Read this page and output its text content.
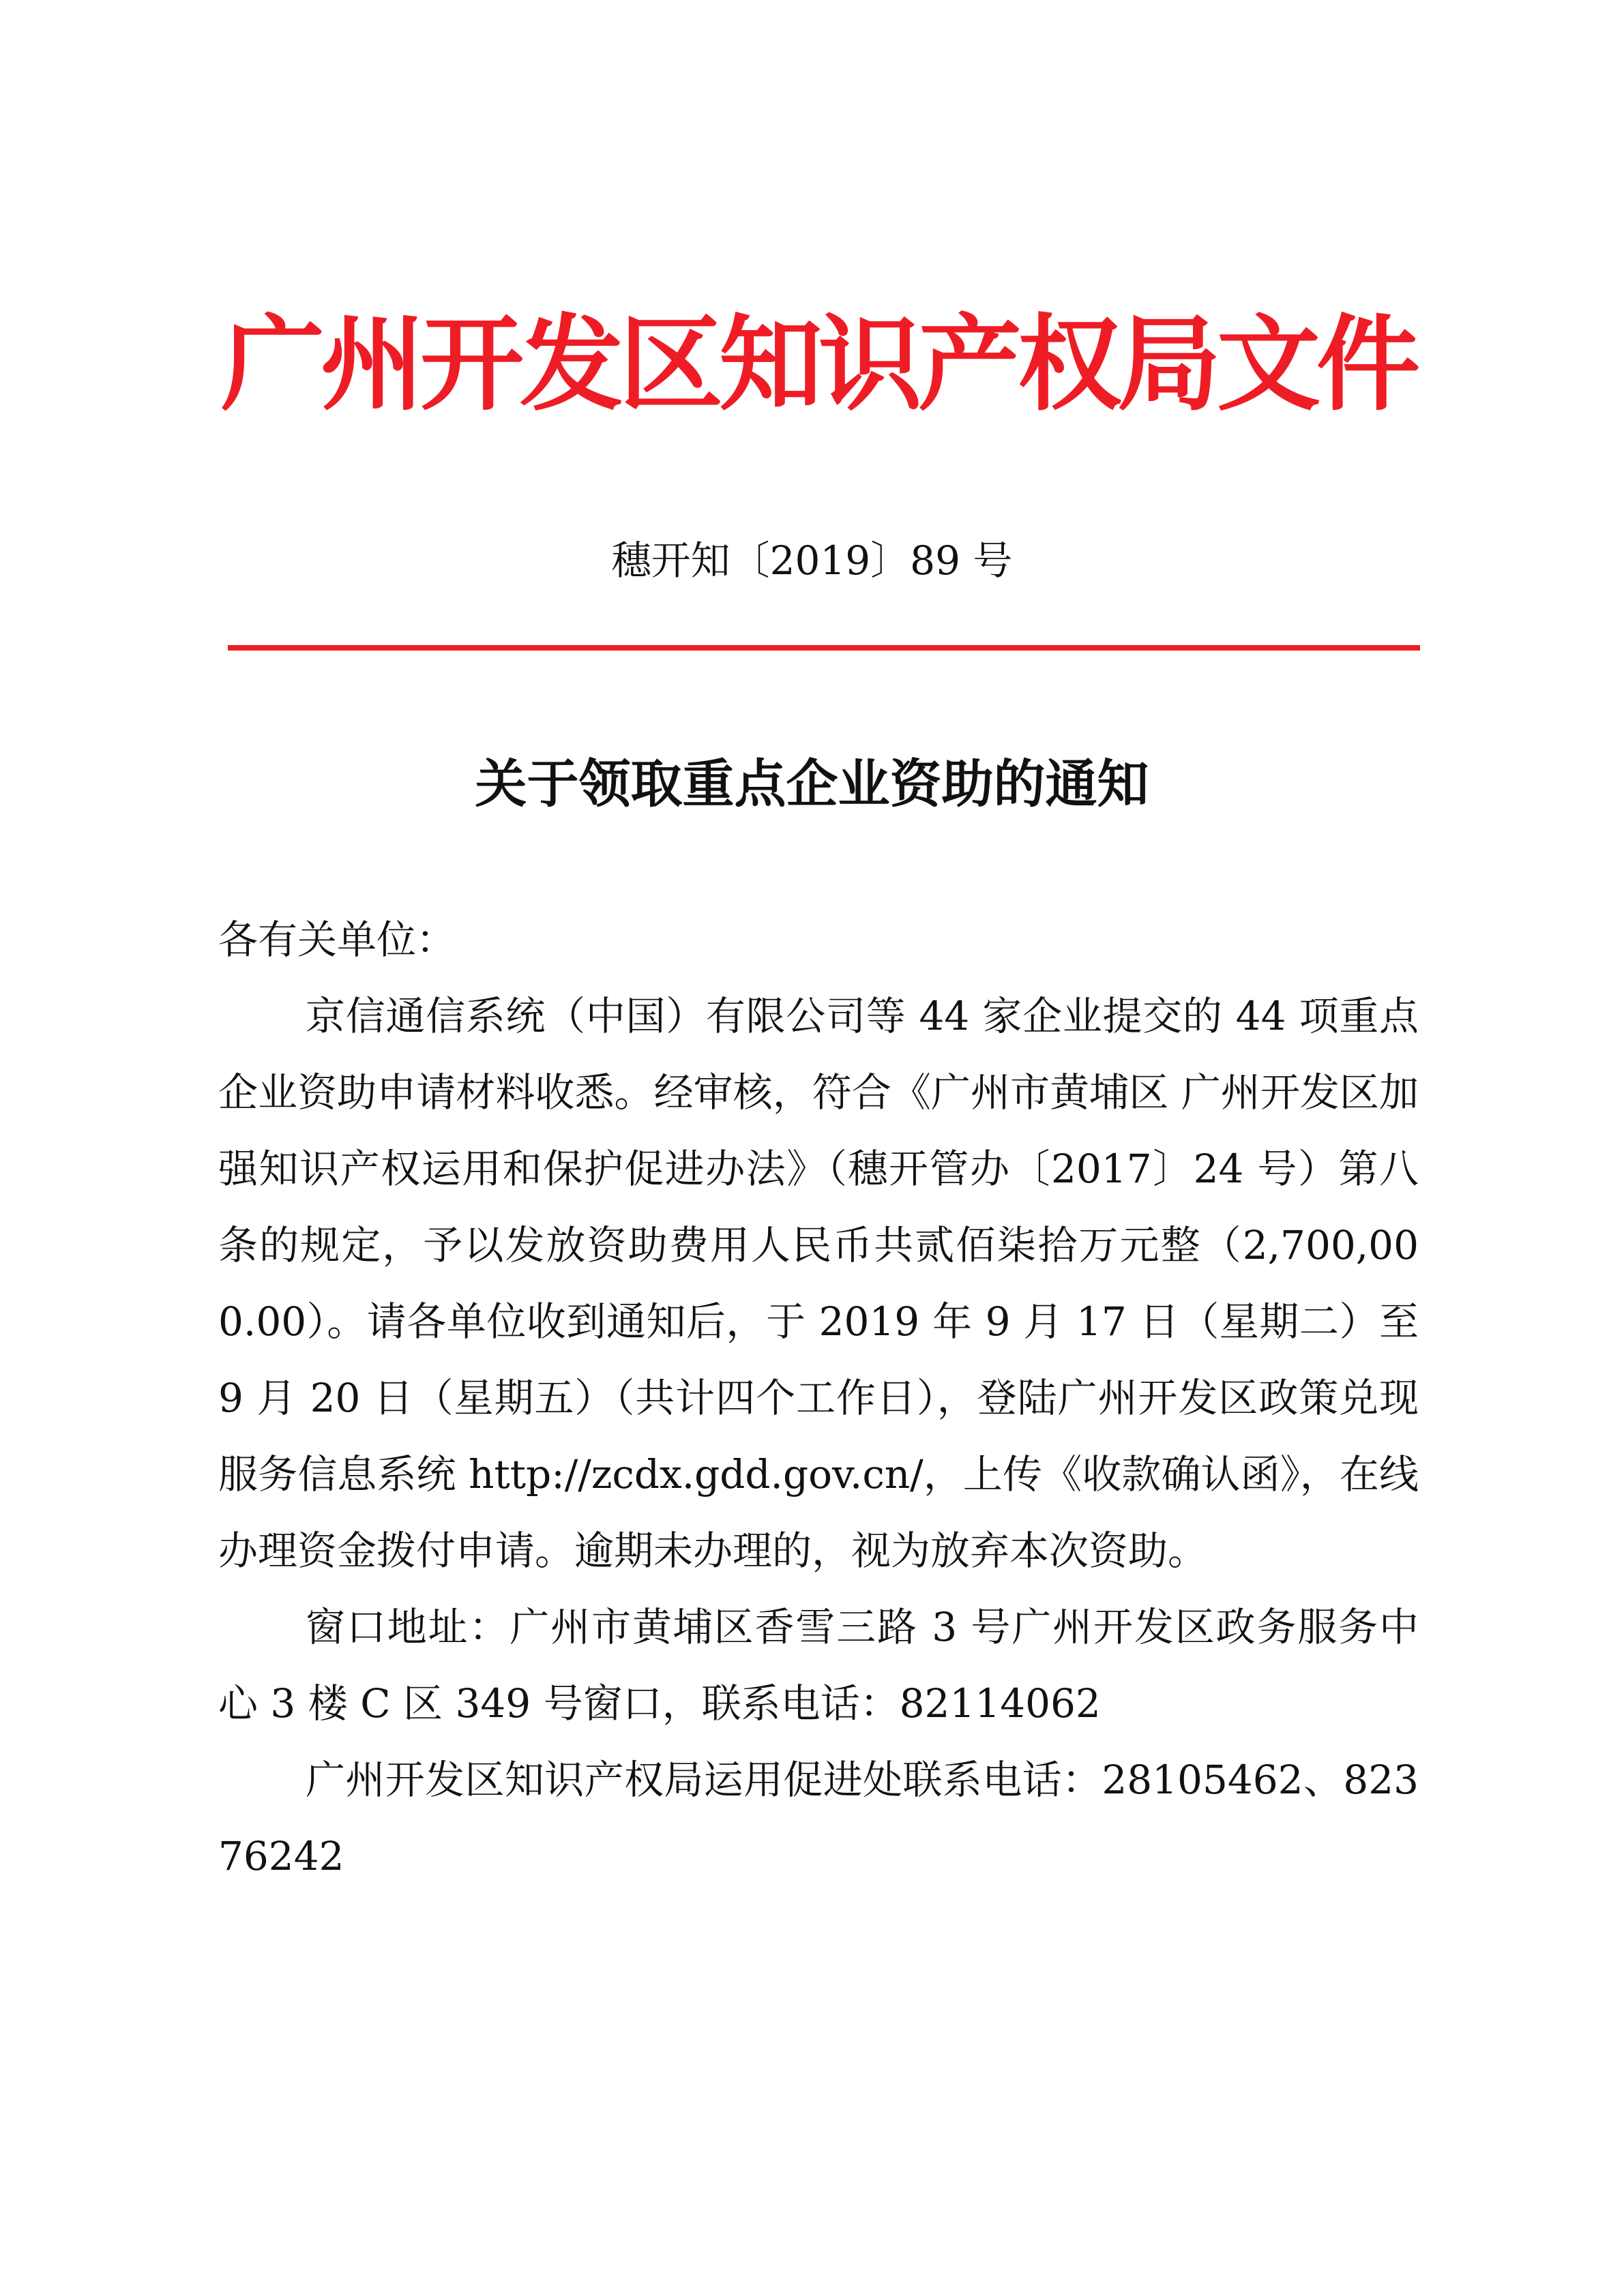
广州开发区知识产权局文件
穗开知〔2019〕89 号
关于领取重点企业资助的通知

各有关单位：

京信通信系统（中国）有限公司等 44 家企业提交的 44 项重点企业资助申请材料收悉。经审核，符合《广州市黄埔区 广州开发区加强知识产权运用和保护促进办法》（穗开管办〔2017〕24 号）第八条的规定，予以发放资助费用人民币共贰佰柒拾万元整（2,700,000.00）。请各单位收到通知后，于 2019 年 9 月 17 日（星期二）至 9 月 20 日（星期五）（共计四个工作日），登陆广州开发区政策兑现服务信息系统 http://zcdx.gdd.gov.cn/，上传《收款确认函》，在线办理资金拨付申请。逾期未办理的，视为放弃本次资助。

窗口地址：广州市黄埔区香雪三路 3 号广州开发区政务服务中心 3 楼 C 区 349 号窗口，联系电话：82114062

广州开发区知识产权局运用促进处联系电话：28105462、82376242
